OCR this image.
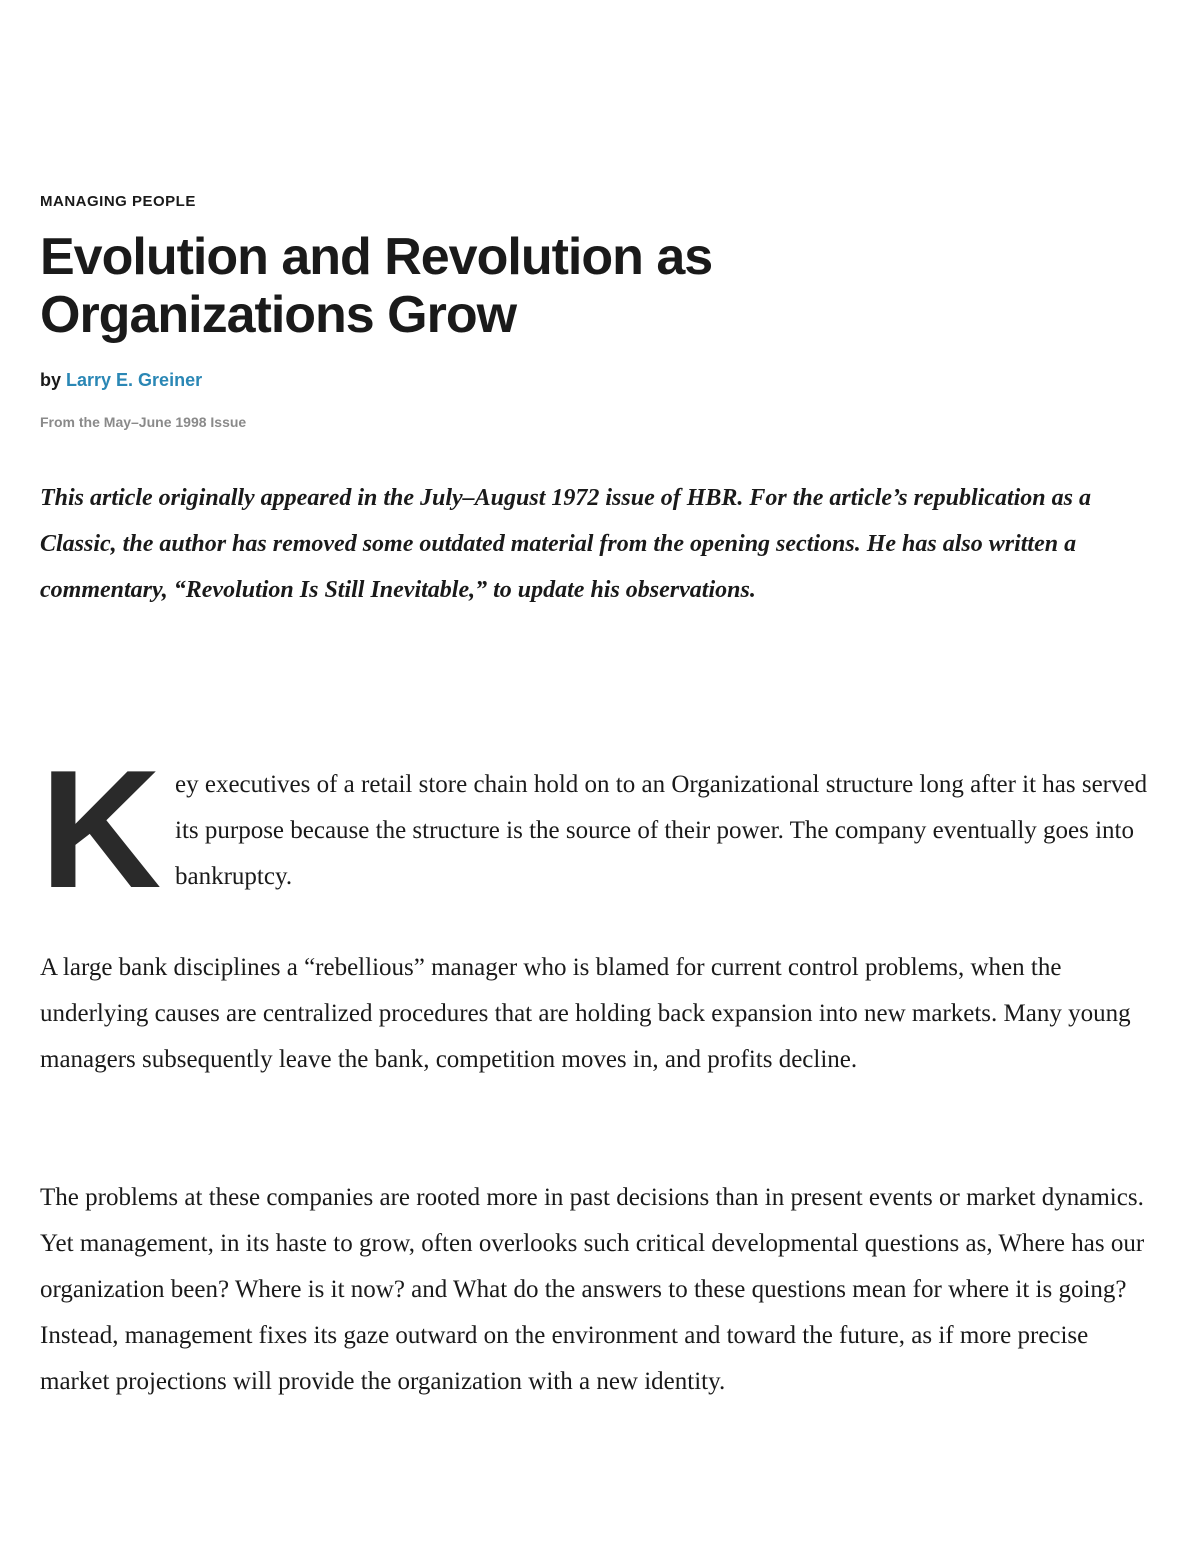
MANAGING PEOPLE
Evolution and Revolution as Organizations Grow
by Larry E. Greiner
From the May–June 1998 Issue

This article originally appeared in the July–August 1972 issue of HBR. For the article’s republication as a Classic, the author has removed some outdated material from the opening sections. He has also written a commentary, “Revolution Is Still Inevitable,” to update his observations.

K ey executives of a retail store chain hold on to an Organizational structure long after it has served its purpose because the structure is the source of their power. The company eventually goes into bankruptcy.

A large bank disciplines a “rebellious” manager who is blamed for current control problems, when the underlying causes are centralized procedures that are holding back expansion into new markets. Many young managers subsequently leave the bank, competition moves in, and profits decline.

The problems at these companies are rooted more in past decisions than in present events or market dynamics. Yet management, in its haste to grow, often overlooks such critical developmental questions as, Where has our organization been? Where is it now? and What do the answers to these questions mean for where it is going? Instead, management fixes its gaze outward on the environment and toward the future, as if more precise market projections will provide the organization with a new identity.
